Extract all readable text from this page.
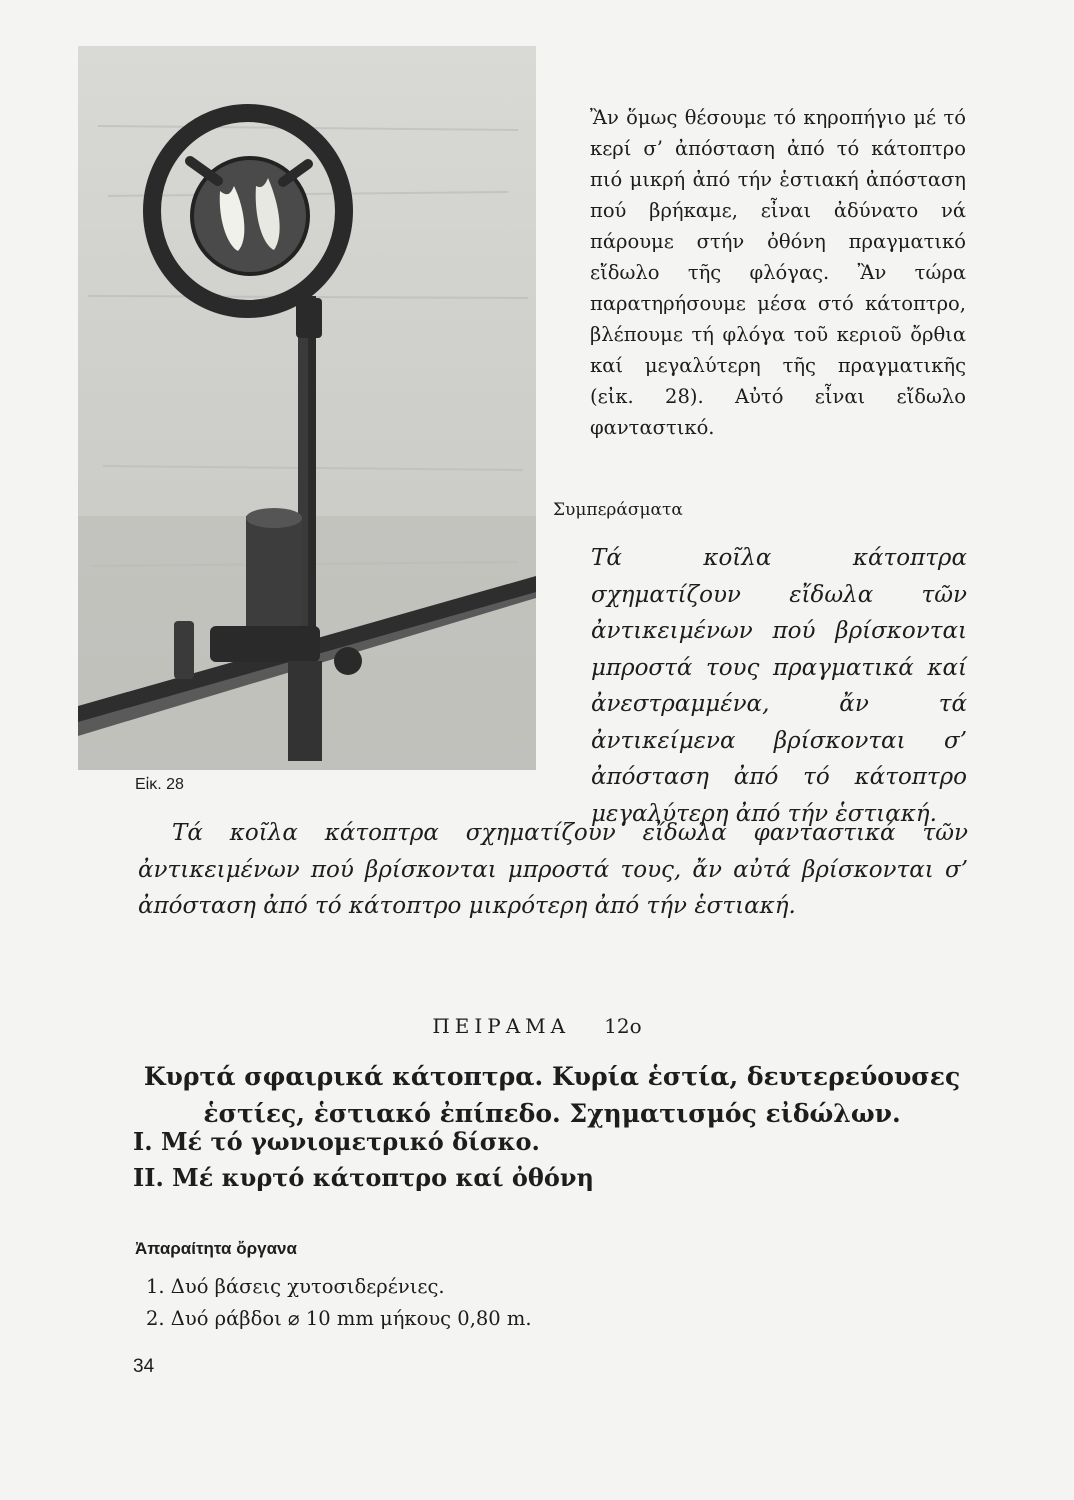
Εἰκ. 28

Ἂν ὅμως θέσουμε τό κηροπήγιο μέ τό κερί σ’ ἀπόσταση ἀπό τό κάτοπτρο πιό μικρή ἀπό τήν ἑστιακή ἀπόσταση πού βρήκαμε, εἶναι ἀδύνατο νά πάρουμε στήν ὀθόνη πραγματικό εἴδωλο τῆς φλόγας. Ἂν τώρα παρατηρήσουμε μέσα στό κάτοπτρο, βλέπουμε τή φλόγα τοῦ κεριοῦ ὄρθια καί μεγαλύτερη τῆς πραγματικῆς (εἰκ. 28). Αὐτό εἶναι εἴδωλο φανταστικό.

Συμπεράσματα

Τά κοῖλα κάτοπτρα σχηματίζουν εἴδωλα τῶν ἀντικειμένων πού βρίσκονται μπροστά τους πραγματικά καί ἀνεστραμμένα, ἄν τά ἀντικείμενα βρίσκονται σ’ ἀπόσταση ἀπό τό κάτοπτρο μεγαλύτερη ἀπό τήν ἑστιακή.

Τά κοῖλα κάτοπτρα σχηματίζουν εἴδωλα φανταστικά τῶν ἀντικειμένων πού βρίσκονται μπροστά τους, ἄν αὐτά βρίσκονται σ’ ἀπόσταση ἀπό τό κάτοπτρο μικρότερη ἀπό τήν ἑστιακή.

ΠΕΙΡΑΜΑ 12ο
Κυρτά σφαιρικά κάτοπτρα. Κυρία ἑστία, δευτερεύουσες ἑστίες, ἑστιακό ἐπίπεδο. Σχηματισμός εἰδώλων.

I. Μέ τό γωνιομετρικό δίσκο.

II. Μέ κυρτό κάτοπτρο καί ὀθόνη

Ἀπαραίτητα ὄργανα
1. Δυό βάσεις χυτοσιδερένιες.
2. Δυό ράβδοι ⌀ 10 mm μήκους 0,80 m.
34
